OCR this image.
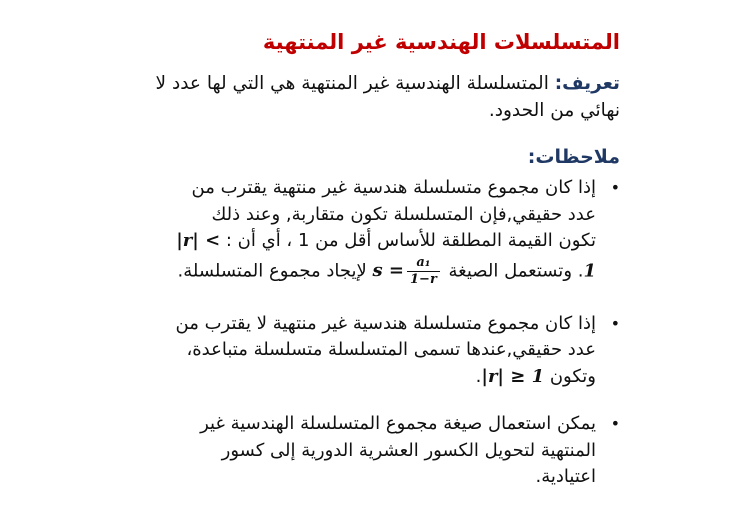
المتسلسلات الهندسية غير المنتهية
تعريف: المتسلسلة الهندسية غير المنتهية هي التي لها عدد لا نهائي من الحدود.
ملاحظات:
•
إذا كان مجموع متسلسلة هندسية غير منتهية يقترب من عدد حقيقي,فإن المتسلسلة تكون متقاربة, وعند ذلك تكون القيمة المطلقة للأساس أقل من 1 ، أي أن : |r| < 1. وتستعمل الصيغة $s = \frac{\text{a₁}}{1-r}$
لإيجاد مجموع المتسلسلة.
•
إذا كان مجموع متسلسلة هندسية غير منتهية لا يقترب من عدد حقيقي,عندها تسمى المتسلسلة متسلسلة متباعدة، وتكون |r| ≥ 1.
•
يمكن استعمال صيغة مجموع المتسلسلة الهندسية غير المنتهية لتحويل الكسور العشرية الدورية إلى كسور اعتيادية.
